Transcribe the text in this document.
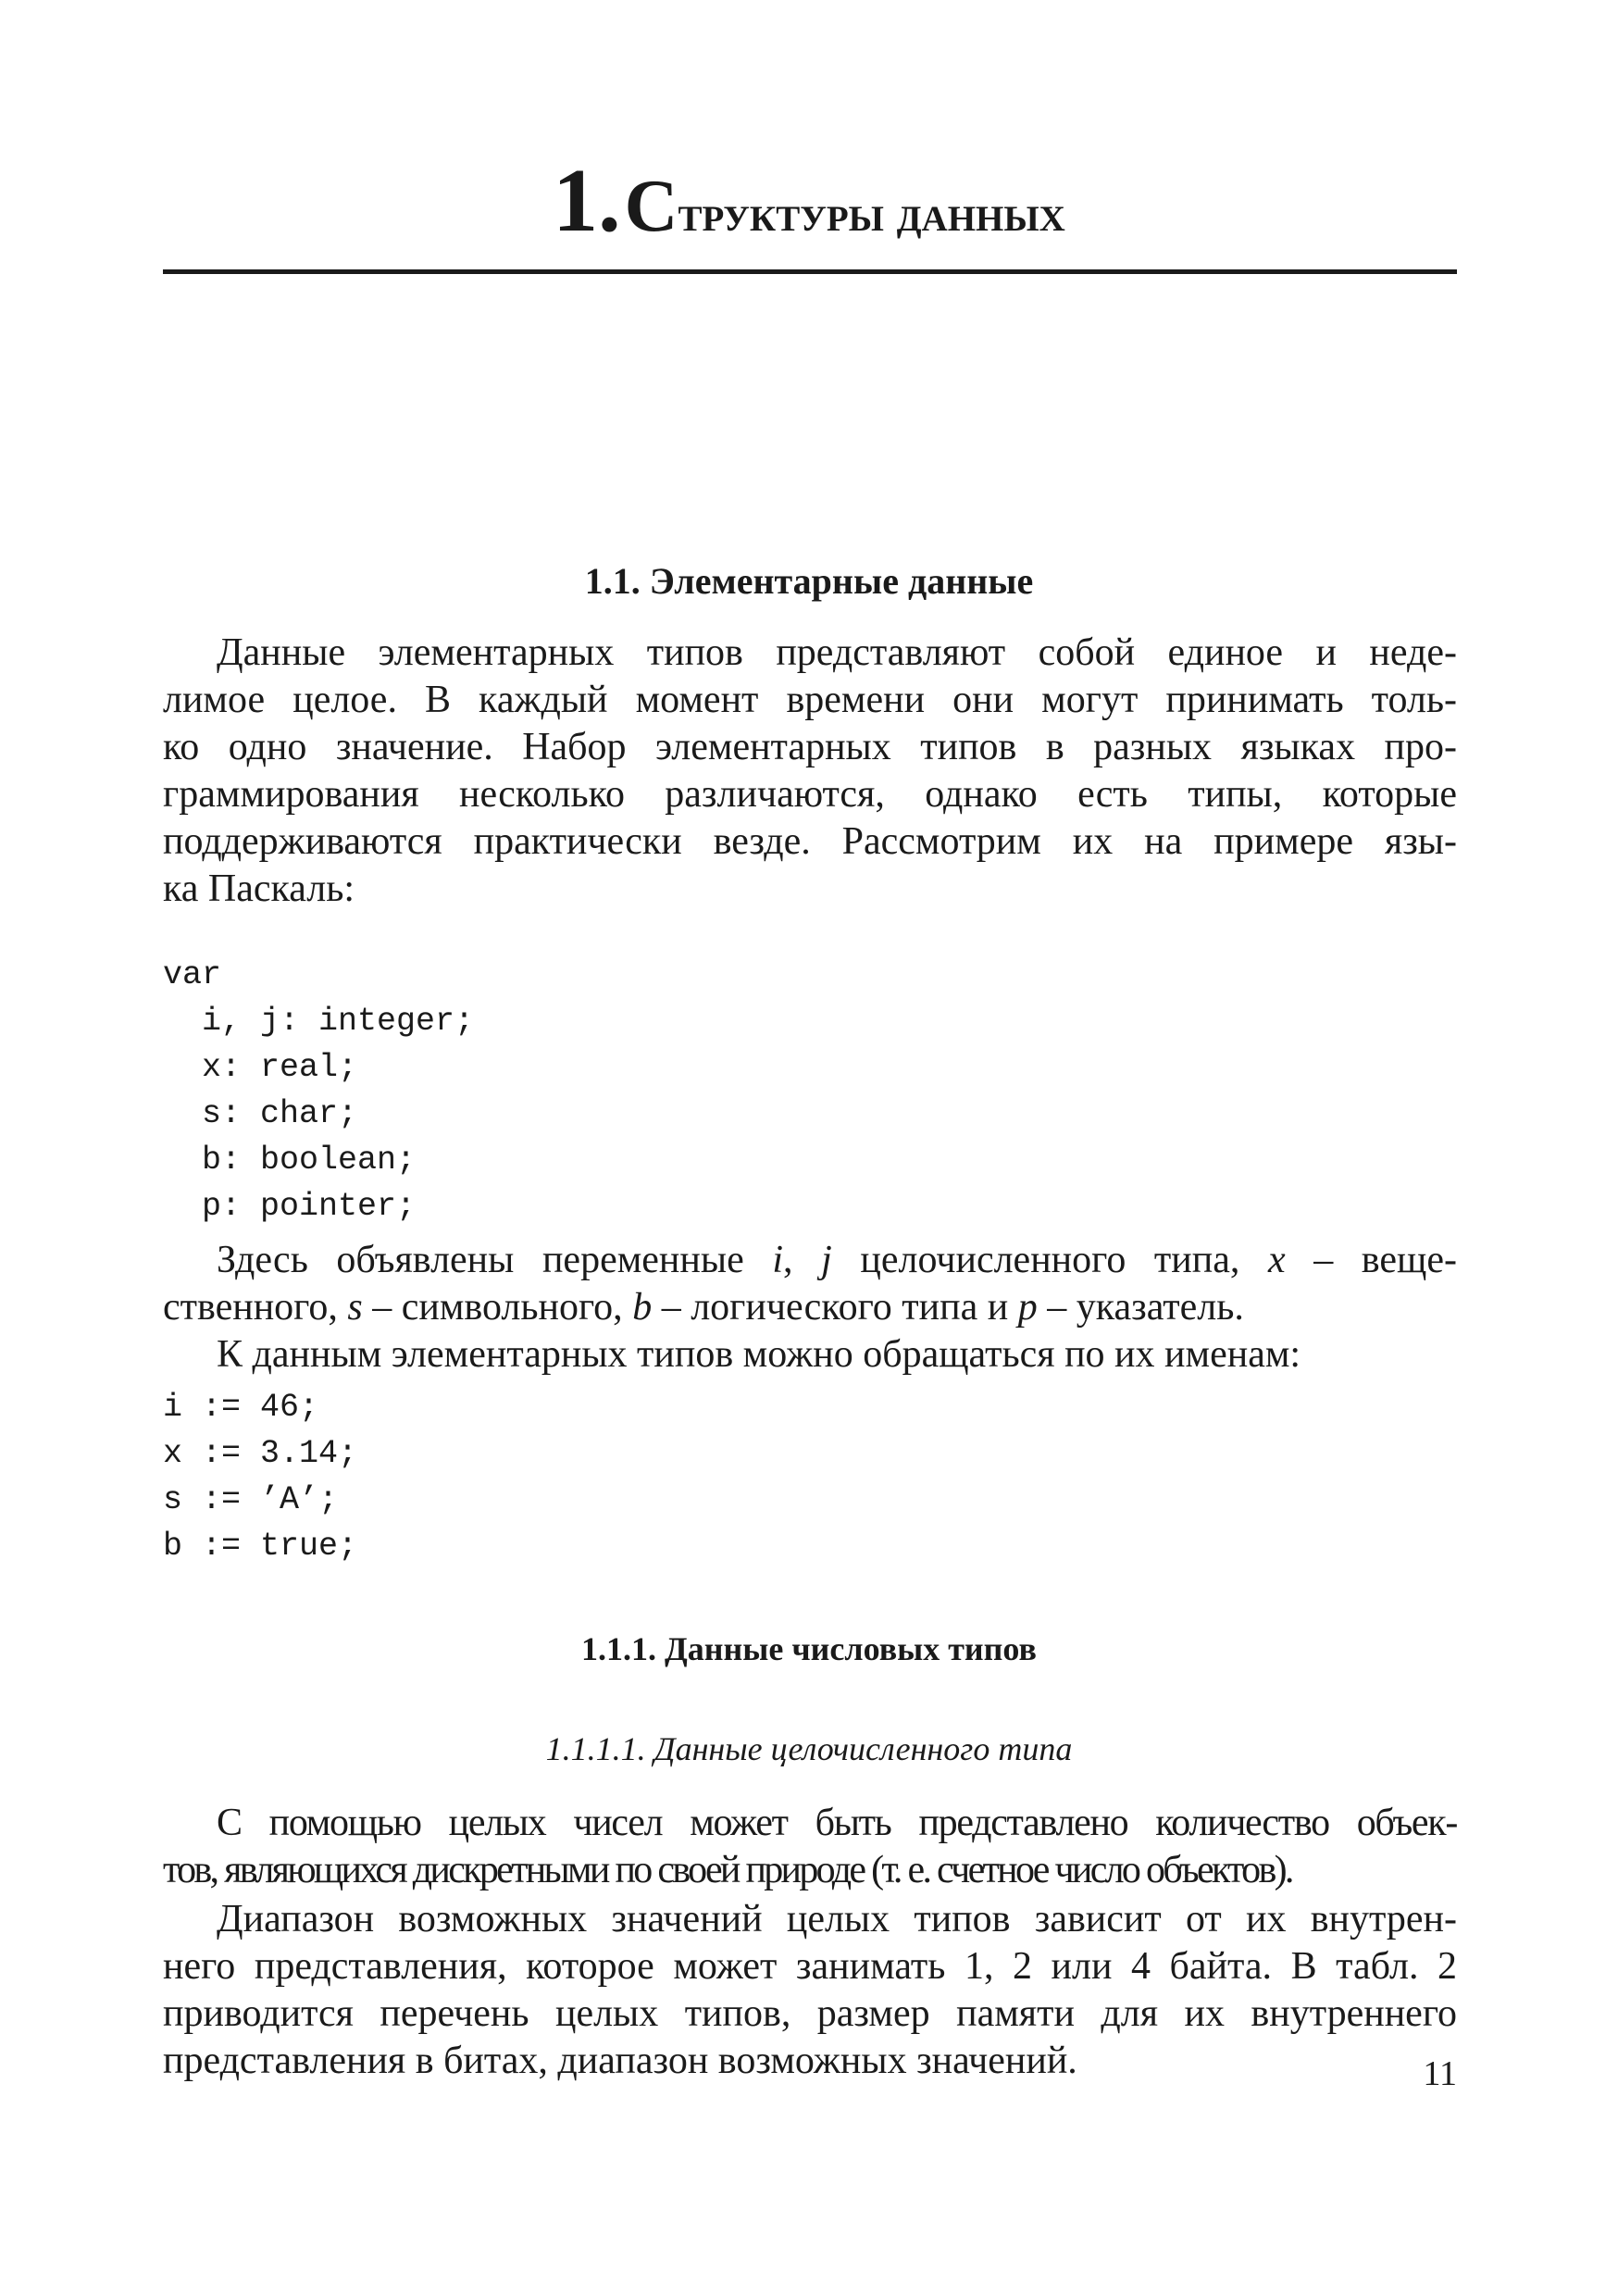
1. Структуры данных
1.1. Элементарные данные
Данные элементарных типов представляют собой единое и неде-
лимое целое. В каждый момент времени они могут принимать толь-
ко одно значение. Набор элементарных типов в разных языках про-
граммирования несколько различаются, однако есть типы, которые
поддерживаются практически везде. Рассмотрим их на примере язы-
ка Паскаль:
var
i, j: integer;
x: real;
s: char;
b: boolean;
p: pointer;
Здесь объявлены переменные i, j целочисленного типа, x – веще-
ственного, s – символьного, b – логического типа и p – указатель.
К данным элементарных типов можно обращаться по их именам:
i := 46;
x := 3.14;
s := ’A’;
b := true;
1.1.1. Данные числовых типов
1.1.1.1. Данные целочисленного типа
С помощью целых чисел может быть представлено количество объек-
тов, являющихся дискретными по своей природе (т. е. счетное число объектов).
Диапазон возможных значений целых типов зависит от их внутрен-
него представления, которое может занимать 1, 2 или 4 байта. В табл. 2
приводится перечень целых типов, размер памяти для их внутреннего
представления в битах, диапазон возможных значений.	11
